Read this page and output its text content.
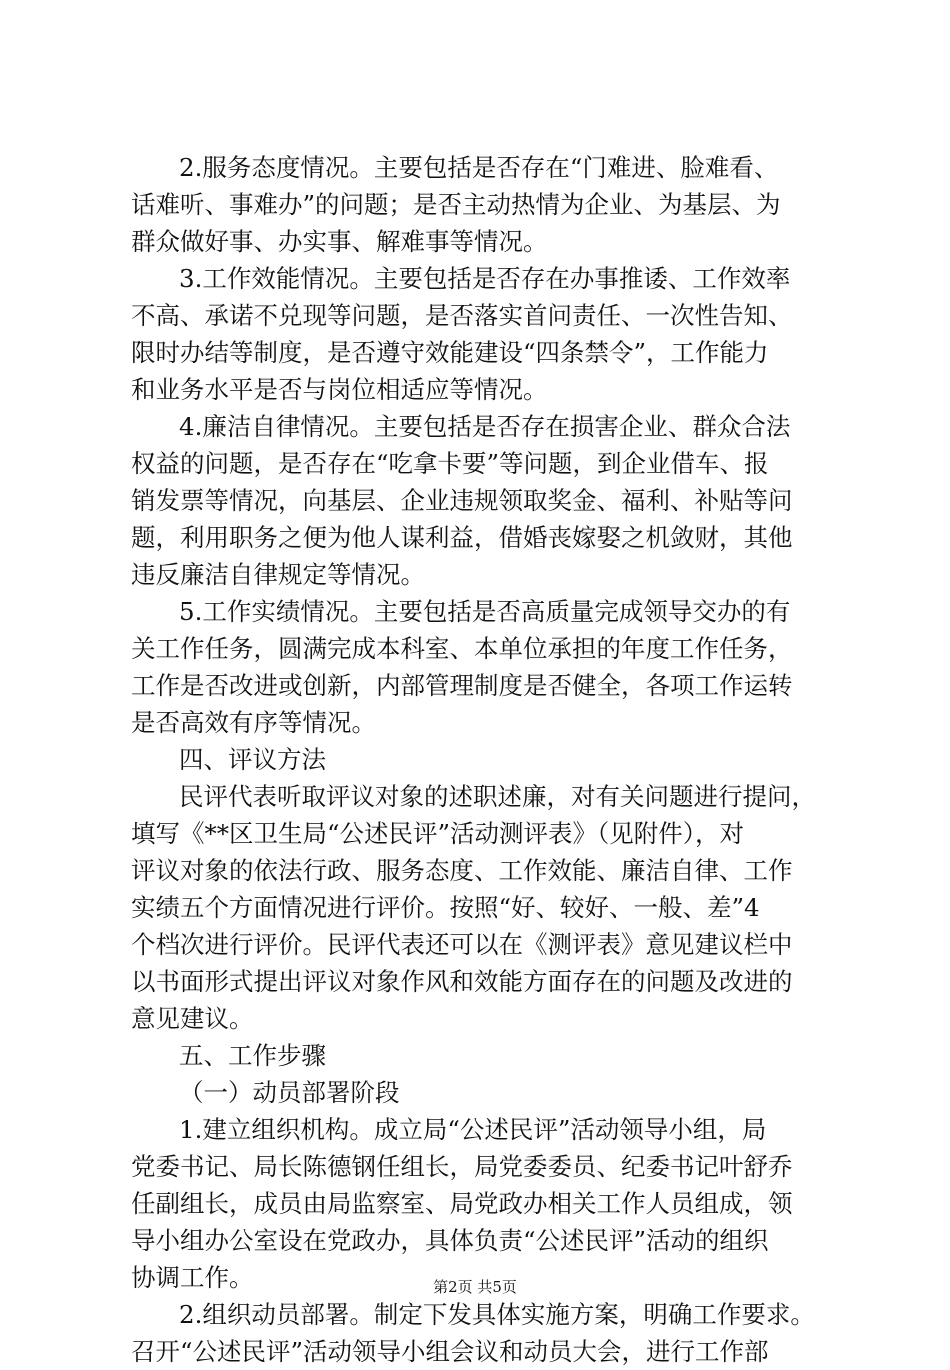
2.服务态度情况。主要包括是否存在“门难进、脸难看、
话难听、事难办”的问题；是否主动热情为企业、为基层、为
群众做好事、办实事、解难事等情况。
3.工作效能情况。主要包括是否存在办事推诿、工作效率
不高、承诺不兑现等问题，是否落实首问责任、一次性告知、
限时办结等制度，是否遵守效能建设“四条禁令”，工作能力
和业务水平是否与岗位相适应等情况。
4.廉洁自律情况。主要包括是否存在损害企业、群众合法
权益的问题，是否存在“吃拿卡要”等问题，到企业借车、报
销发票等情况，向基层、企业违规领取奖金、福利、补贴等问
题，利用职务之便为他人谋利益，借婚丧嫁娶之机敛财，其他
违反廉洁自律规定等情况。
5.工作实绩情况。主要包括是否高质量完成领导交办的有
关工作任务，圆满完成本科室、本单位承担的年度工作任务，
工作是否改进或创新，内部管理制度是否健全，各项工作运转
是否高效有序等情况。
四、评议方法
民评代表听取评议对象的述职述廉，对有关问题进行提问，
填写《**区卫生局“公述民评”活动测评表》（见附件），对
评议对象的依法行政、服务态度、工作效能、廉洁自律、工作
实绩五个方面情况进行评价。按照“好、较好、一般、差”4
个档次进行评价。民评代表还可以在《测评表》意见建议栏中
以书面形式提出评议对象作风和效能方面存在的问题及改进的
意见建议。
五、工作步骤
（一）动员部署阶段
1.建立组织机构。成立局“公述民评”活动领导小组，局
党委书记、局长陈德钢任组长，局党委委员、纪委书记叶舒乔
任副组长，成员由局监察室、局党政办相关工作人员组成，领
导小组办公室设在党政办，具体负责“公述民评”活动的组织
协调工作。
2.组织动员部署。制定下发具体实施方案，明确工作要求。
召开“公述民评”活动领导小组会议和动员大会，进行工作部
第2页 共5页
